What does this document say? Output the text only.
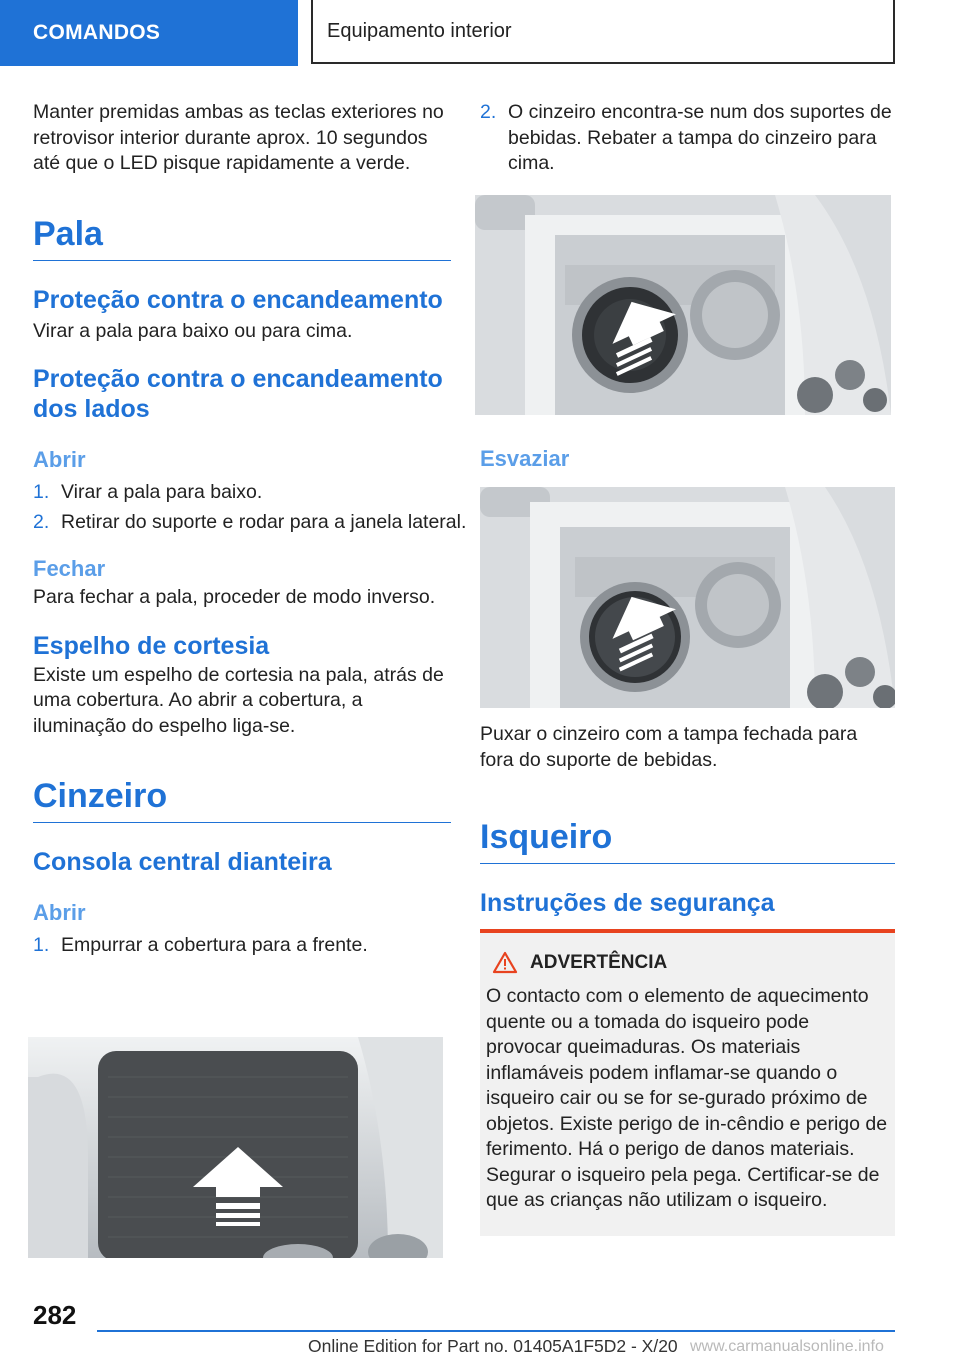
COMANDOS	Equipamento interior

Manter premidas ambas as teclas exteriores no retrovisor interior durante aprox. 10 segundos até que o LED pisque rapidamente a verde.

Pala
Proteção contra o encandeamento

Virar a pala para baixo ou para cima.

Proteção contra o encandeamento dos lados
Abrir
1. Virar a pala para baixo.
2. Retirar do suporte e rodar para a janela lateral.
Fechar

Para fechar a pala, proceder de modo inverso.

Espelho de cortesia

Existe um espelho de cortesia na pala, atrás de uma cobertura. Ao abrir a cobertura, a iluminação do espelho liga-se.

Cinzeiro
Consola central dianteira
Abrir
1. Empurrar a cobertura para a frente.
2. O cinzeiro encontra-se num dos suportes de bebidas. Rebater a tampa do cinzeiro para cima.
Esvaziar

Puxar o cinzeiro com a tampa fechada para fora do suporte de bebidas.

Isqueiro
Instruções de segurança
ADVERTÊNCIA

O contacto com o elemento de aquecimento quente ou a tomada do isqueiro pode provocar queimaduras. Os materiais inflamáveis podem inflamar-se quando o isqueiro cair ou se for se-gurado próximo de objetos. Existe perigo de in-cêndio e perigo de ferimento. Há o perigo de danos materiais. Segurar o isqueiro pela pega. Certificar-se de que as crianças não utilizam o isqueiro.

282
Online Edition for Part no. 01405A1F5D2 - X/20 www.carmanualsonline.info
